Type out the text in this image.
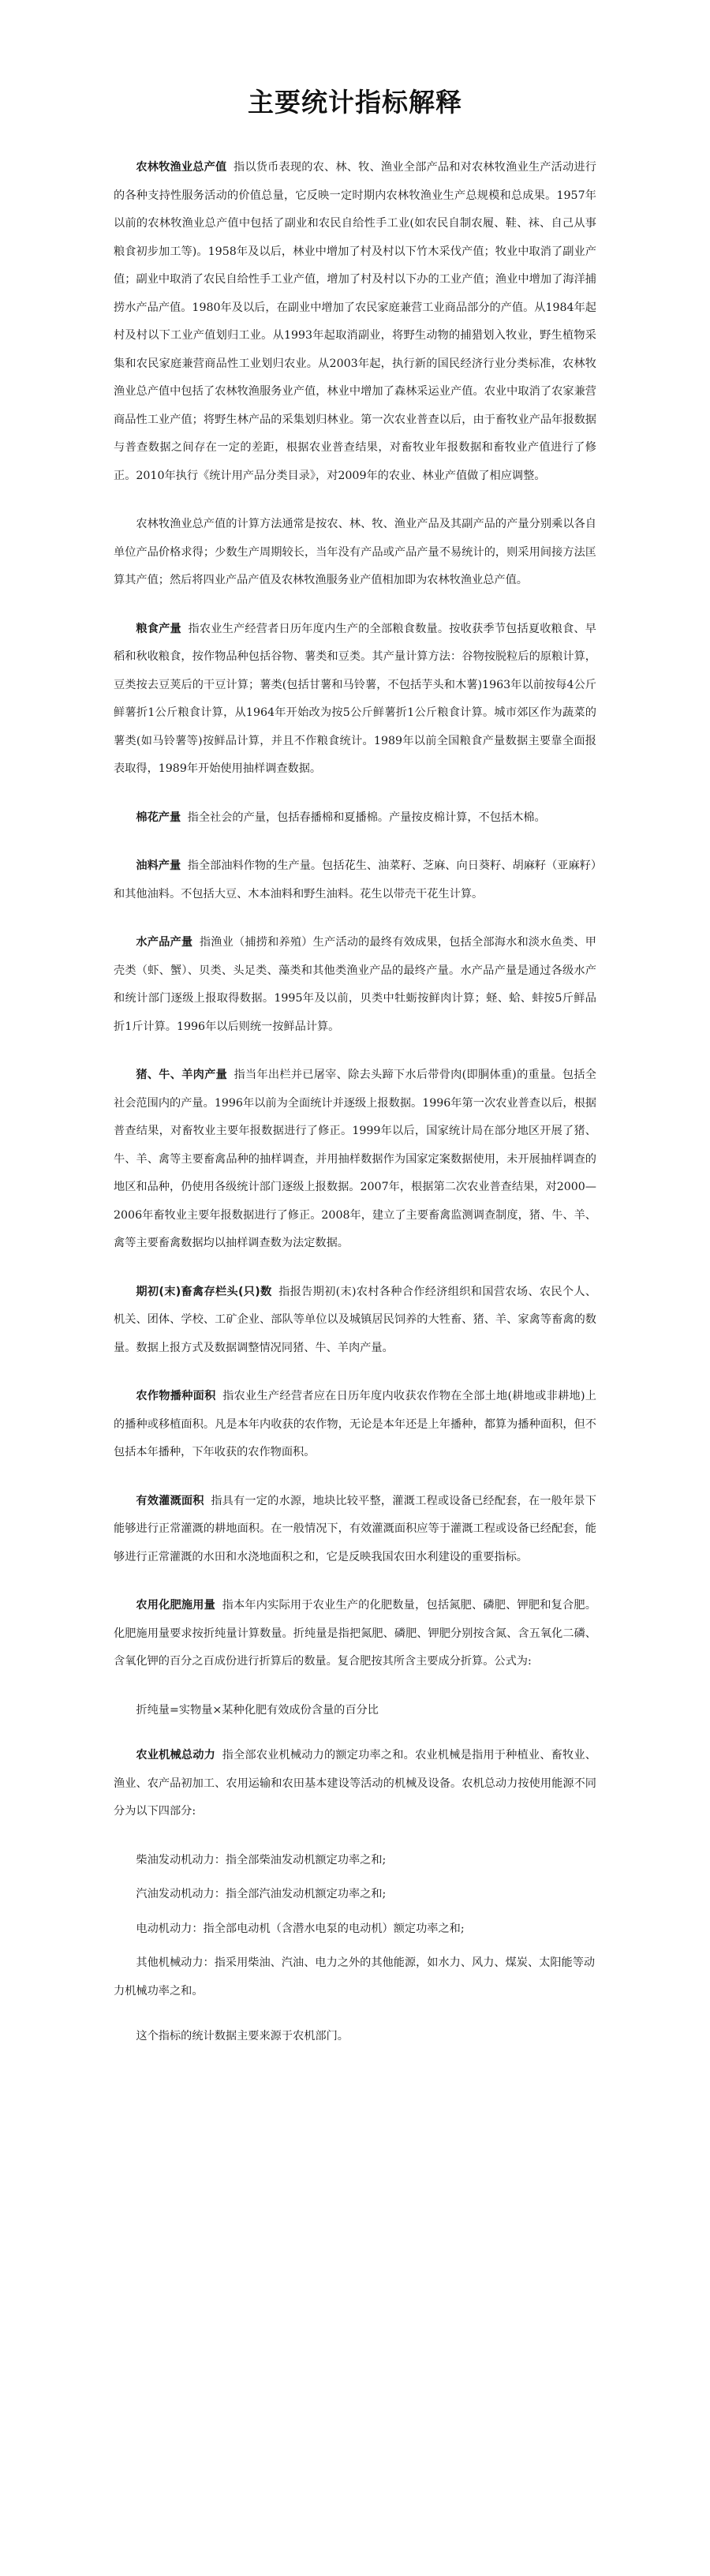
主要统计指标解释

农林牧渔业总产值 指以货币表现的农、林、牧、渔业全部产品和对农林牧渔业生产活动进行的各种支持性服务活动的价值总量，它反映一定时期内农林牧渔业生产总规模和总成果。1957年以前的农林牧渔业总产值中包括了副业和农民自给性手工业(如农民自制农履、鞋、袜、自己从事粮食初步加工等)。1958年及以后，林业中增加了村及村以下竹木采伐产值；牧业中取消了副业产值；副业中取消了农民自给性手工业产值，增加了村及村以下办的工业产值；渔业中增加了海洋捕捞水产品产值。1980年及以后，在副业中增加了农民家庭兼营工业商品部分的产值。从1984年起村及村以下工业产值划归工业。从1993年起取消副业，将野生动物的捕猎划入牧业，野生植物采集和农民家庭兼营商品性工业划归农业。从2003年起，执行新的国民经济行业分类标准，农林牧渔业总产值中包括了农林牧渔服务业产值，林业中增加了森林采运业产值。农业中取消了农家兼营商品性工业产值；将野生林产品的采集划归林业。第一次农业普查以后，由于畜牧业产品年报数据与普查数据之间存在一定的差距，根据农业普查结果，对畜牧业年报数据和畜牧业产值进行了修正。2010年执行《统计用产品分类目录》，对2009年的农业、林业产值做了相应调整。

农林牧渔业总产值的计算方法通常是按农、林、牧、渔业产品及其副产品的产量分别乘以各自单位产品价格求得；少数生产周期较长，当年没有产品或产品产量不易统计的，则采用间接方法匡算其产值；然后将四业产品产值及农林牧渔服务业产值相加即为农林牧渔业总产值。

粮食产量 指农业生产经营者日历年度内生产的全部粮食数量。按收获季节包括夏收粮食、早稻和秋收粮食，按作物品种包括谷物、薯类和豆类。其产量计算方法：谷物按脱粒后的原粮计算，豆类按去豆荚后的干豆计算；薯类(包括甘薯和马铃薯，不包括芋头和木薯)1963年以前按每4公斤鲜薯折1公斤粮食计算，从1964年开始改为按5公斤鲜薯折1公斤粮食计算。城市郊区作为蔬菜的薯类(如马铃薯等)按鲜品计算，并且不作粮食统计。1989年以前全国粮食产量数据主要靠全面报表取得，1989年开始使用抽样调查数据。

棉花产量 指全社会的产量，包括春播棉和夏播棉。产量按皮棉计算，不包括木棉。

油料产量 指全部油料作物的生产量。包括花生、油菜籽、芝麻、向日葵籽、胡麻籽（亚麻籽）和其他油料。不包括大豆、木本油料和野生油料。花生以带壳干花生计算。

水产品产量 指渔业（捕捞和养殖）生产活动的最终有效成果，包括全部海水和淡水鱼类、甲壳类（虾、蟹）、贝类、头足类、藻类和其他类渔业产品的最终产量。水产品产量是通过各级水产和统计部门逐级上报取得数据。1995年及以前，贝类中牡蛎按鲜肉计算；蛏、蛤、蚌按5斤鲜品折1斤计算。1996年以后则统一按鲜品计算。

猪、牛、羊肉产量 指当年出栏并已屠宰、除去头蹄下水后带骨肉(即胴体重)的重量。包括全社会范围内的产量。1996年以前为全面统计并逐级上报数据。1996年第一次农业普查以后，根据普查结果，对畜牧业主要年报数据进行了修正。1999年以后，国家统计局在部分地区开展了猪、牛、羊、禽等主要畜禽品种的抽样调查，并用抽样数据作为国家定案数据使用，未开展抽样调查的地区和品种，仍使用各级统计部门逐级上报数据。2007年，根据第二次农业普查结果，对2000—2006年畜牧业主要年报数据进行了修正。2008年，建立了主要畜禽监测调查制度，猪、牛、羊、禽等主要畜禽数据均以抽样调查数为法定数据。

期初(末)畜禽存栏头(只)数 指报告期初(末)农村各种合作经济组织和国营农场、农民个人、机关、团体、学校、工矿企业、部队等单位以及城镇居民饲养的大牲畜、猪、羊、家禽等畜禽的数量。数据上报方式及数据调整情况同猪、牛、羊肉产量。

农作物播种面积 指农业生产经营者应在日历年度内收获农作物在全部土地(耕地或非耕地)上的播种或移植面积。凡是本年内收获的农作物，无论是本年还是上年播种，都算为播种面积，但不包括本年播种，下年收获的农作物面积。

有效灌溉面积 指具有一定的水源，地块比较平整，灌溉工程或设备已经配套，在一般年景下能够进行正常灌溉的耕地面积。在一般情况下，有效灌溉面积应等于灌溉工程或设备已经配套，能够进行正常灌溉的水田和水浇地面积之和，它是反映我国农田水利建设的重要指标。

农用化肥施用量 指本年内实际用于农业生产的化肥数量，包括氮肥、磷肥、钾肥和复合肥。化肥施用量要求按折纯量计算数量。折纯量是指把氮肥、磷肥、钾肥分别按含氮、含五氧化二磷、含氧化钾的百分之百成份进行折算后的数量。复合肥按其所含主要成分折算。公式为:

折纯量=实物量×某种化肥有效成份含量的百分比

农业机械总动力 指全部农业机械动力的额定功率之和。农业机械是指用于种植业、畜牧业、渔业、农产品初加工、农用运输和农田基本建设等活动的机械及设备。农机总动力按使用能源不同分为以下四部分:

柴油发动机动力：指全部柴油发动机额定功率之和;

汽油发动机动力：指全部汽油发动机额定功率之和;

电动机动力：指全部电动机（含潜水电泵的电动机）额定功率之和;

其他机械动力：指采用柴油、汽油、电力之外的其他能源，如水力、风力、煤炭、太阳能等动力机械功率之和。

这个指标的统计数据主要来源于农机部门。
